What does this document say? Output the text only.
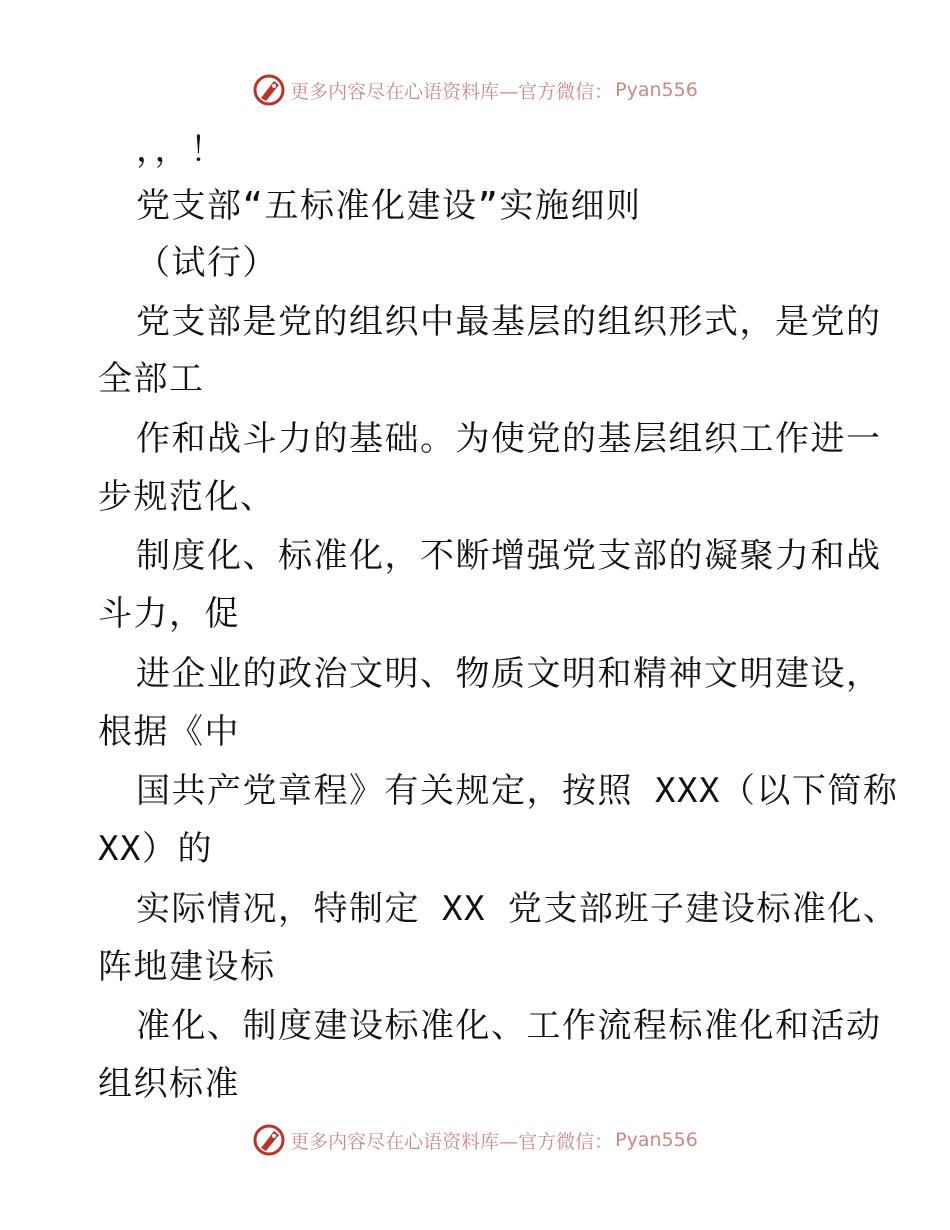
更多内容尽在心语资料库—官方微信： Pyan556
，，！
党支部“五标准化建设”实施细则
（试行）
党支部是党的组织中最基层的组织形式，是党的
全部工
作和战斗力的基础。为使党的基层组织工作进一
步规范化、
制度化、标准化，不断增强党支部的凝聚力和战
斗力，促
进企业的政治文明、物质文明和精神文明建设，
根据《中
国共产党章程》有关规定，按照 XXX（以下简称
XX）的
实际情况，特制定 XX 党支部班子建设标准化、
阵地建设标
准化、制度建设标准化、工作流程标准化和活动
组织标准
更多内容尽在心语资料库—官方微信： Pyan556
